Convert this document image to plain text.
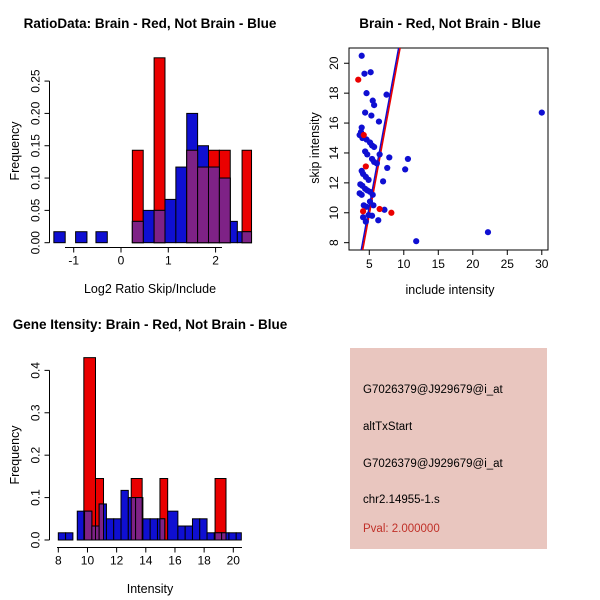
0.00
0.05
0.10
0.15
0.20
0.25
-1	0	1	2	5 10 15 20 25 30
8
10
12
14
16
18
20
0.0
0.1
0.2
0.3
0.4
8 10 12 14 16 18 20
RatioData: Brain - Red, Not Brain - Blue
Log2 Ratio Skip/Include
Frequency
Brain - Red, Not Brain - Blue
include intensity
skip intensity
Gene Itensity: Brain - Red, Not Brain - Blue
Intensity
Frequency
G7026379@J929679@i_at
altTxStart
G7026379@J929679@i_at
chr2.14955-1.s
Pval: 2.000000
